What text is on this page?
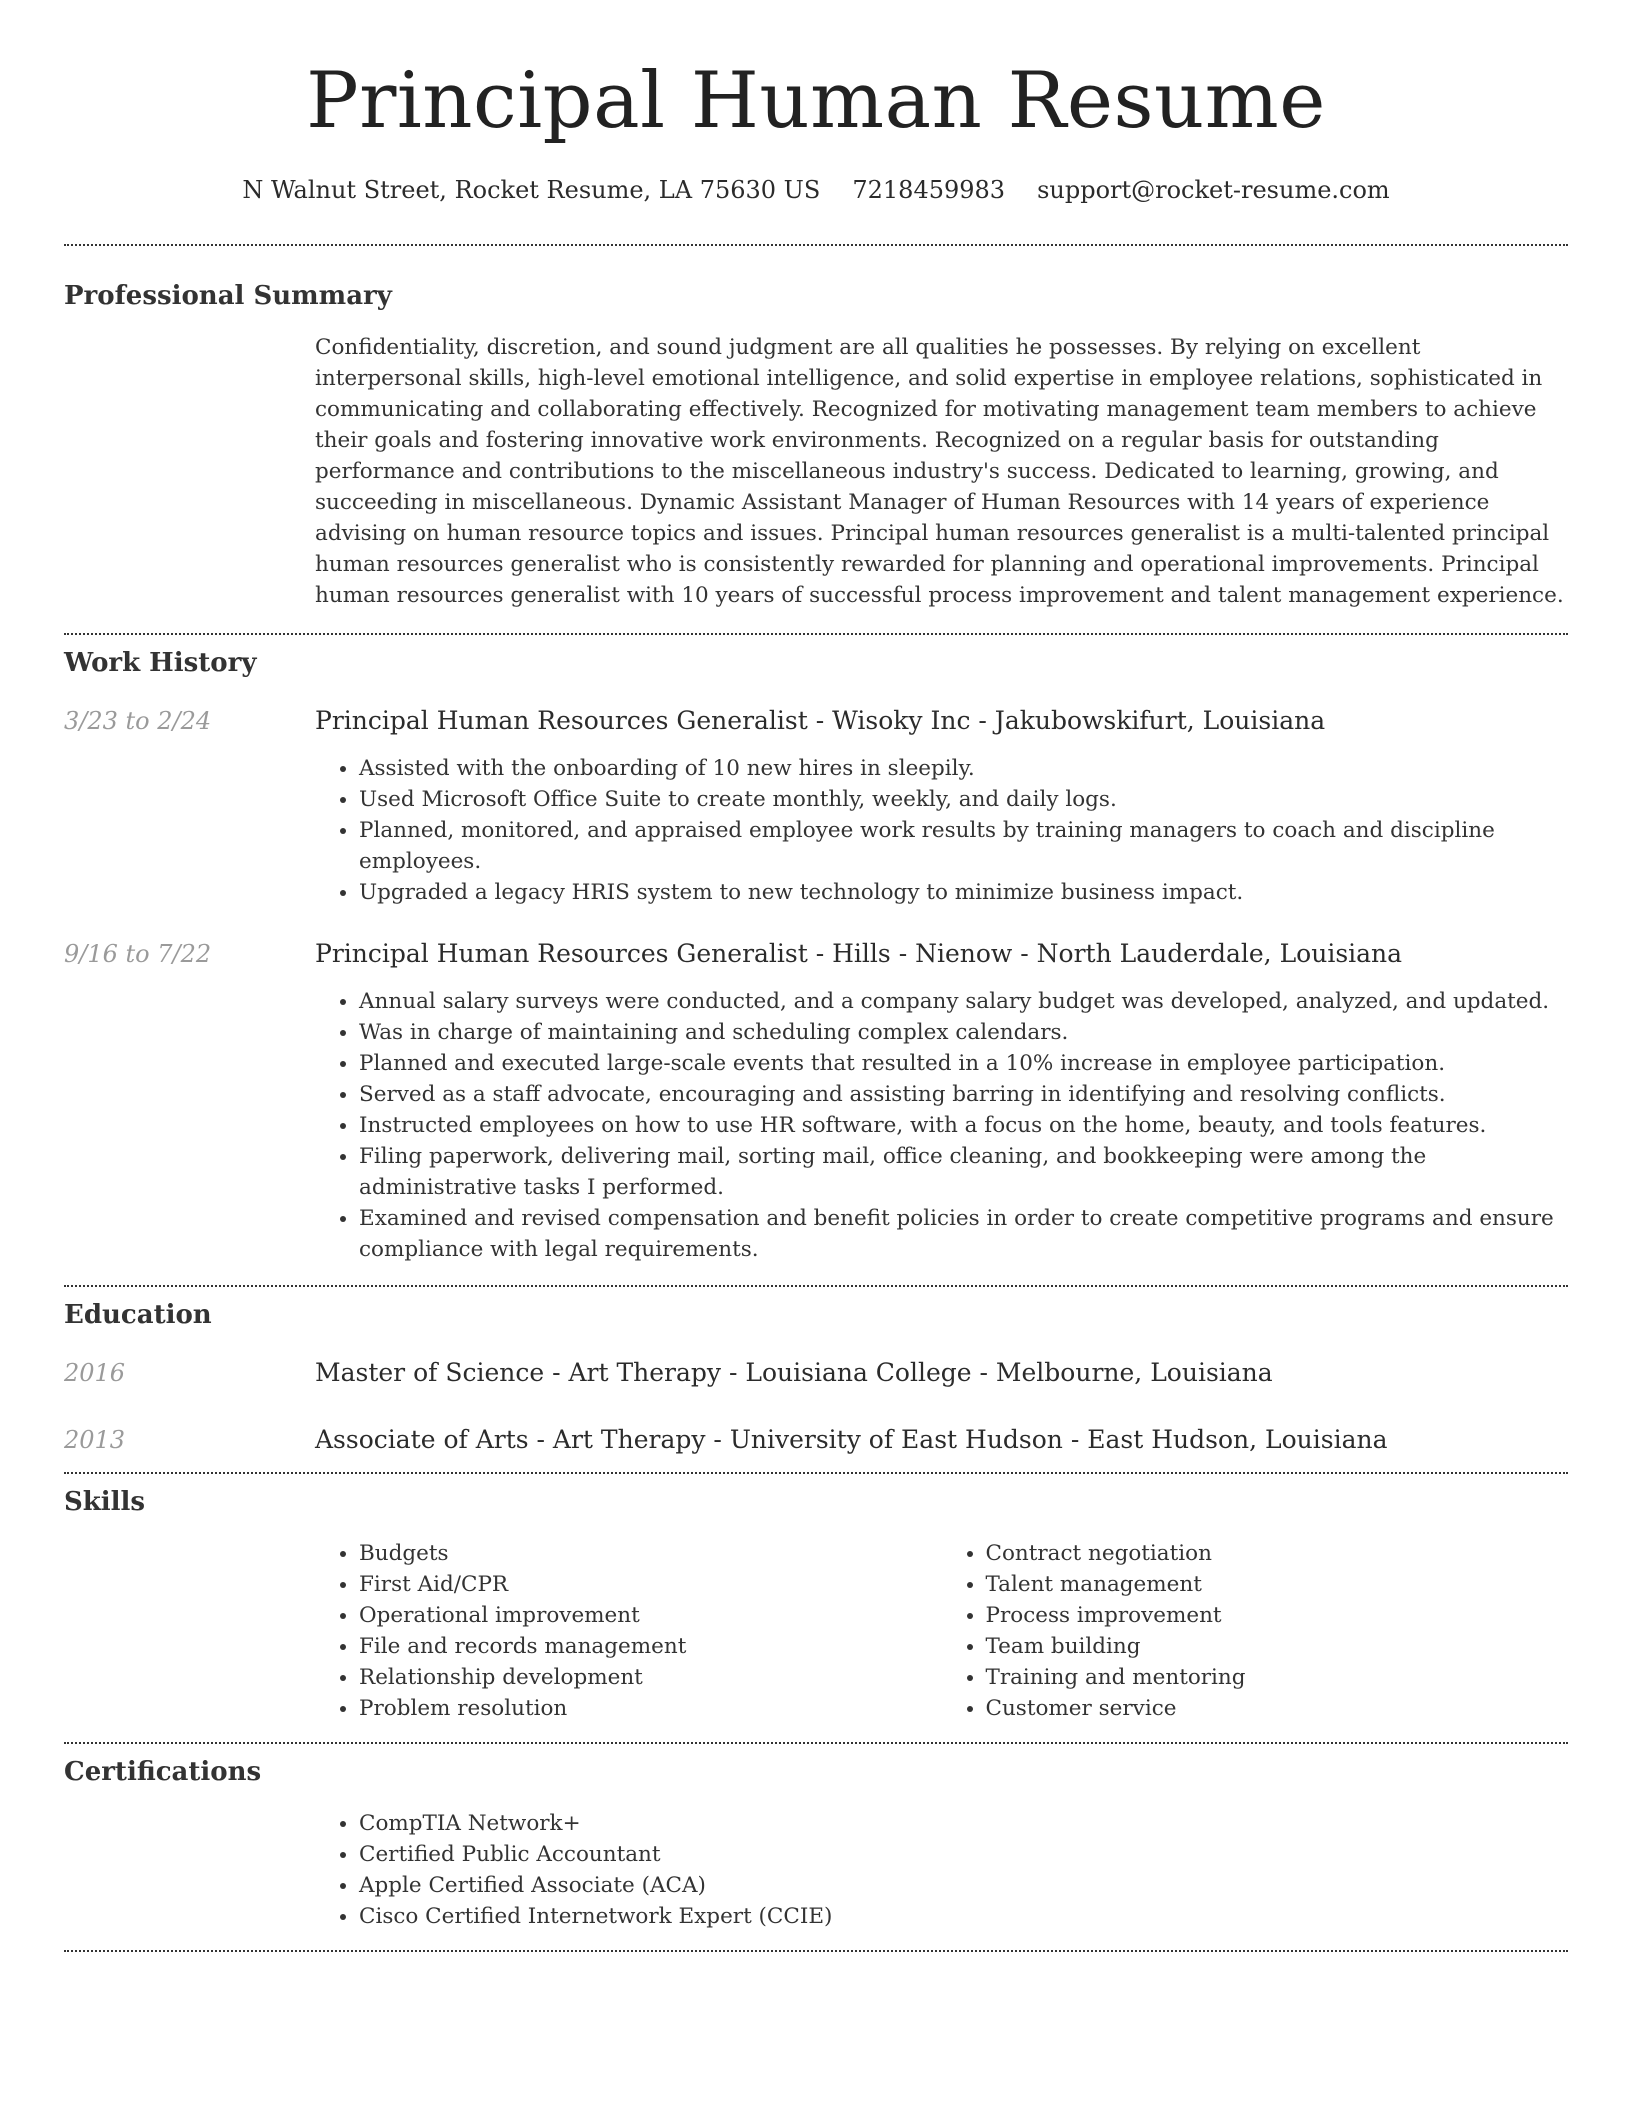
Principal Human Resume
N Walnut Street, Rocket Resume, LA 75630 US 7218459983 support@rocket-resume.com
Professional Summary

Confidentiality, discretion, and sound judgment are all qualities he possesses. By relying on excellent interpersonal skills, high-level emotional intelligence, and solid expertise in employee relations, sophisticated in communicating and collaborating effectively. Recognized for motivating management team members to achieve their goals and fostering innovative work environments. Recognized on a regular basis for outstanding performance and contributions to the miscellaneous industry's success. Dedicated to learning, growing, and succeeding in miscellaneous. Dynamic Assistant Manager of Human Resources with 14 years of experience advising on human resource topics and issues. Principal human resources generalist is a multi-talented principal human resources generalist who is consistently rewarded for planning and operational improvements. Principal human resources generalist with 10 years of successful process improvement and talent management experience.

Work History
3/23 to 2/24	Principal Human Resources Generalist - Wisoky Inc - Jakubowskifurt, Louisiana
• Assisted with the onboarding of 10 new hires in sleepily.
• Used Microsoft Office Suite to create monthly, weekly, and daily logs.
• Planned, monitored, and appraised employee work results by training managers to coach and discipline employees.
• Upgraded a legacy HRIS system to new technology to minimize business impact.
9/16 to 7/22	Principal Human Resources Generalist - Hills - Nienow - North Lauderdale, Louisiana
• Annual salary surveys were conducted, and a company salary budget was developed, analyzed, and updated.
• Was in charge of maintaining and scheduling complex calendars.
• Planned and executed large-scale events that resulted in a 10% increase in employee participation.
• Served as a staff advocate, encouraging and assisting barring in identifying and resolving conflicts.
• Instructed employees on how to use HR software, with a focus on the home, beauty, and tools features.
• Filing paperwork, delivering mail, sorting mail, office cleaning, and bookkeeping were among the administrative tasks I performed.
• Examined and revised compensation and benefit policies in order to create competitive programs and ensure compliance with legal requirements.
Education
2016	Master of Science - Art Therapy - Louisiana College - Melbourne, Louisiana
2013	Associate of Arts - Art Therapy - University of East Hudson - East Hudson, Louisiana
Skills
• Budgets
• First Aid/CPR
• Operational improvement
• File and records management
• Relationship development
• Problem resolution
• Contract negotiation
• Talent management
• Process improvement
• Team building
• Training and mentoring
• Customer service
Certifications
• CompTIA Network+
• Certified Public Accountant
• Apple Certified Associate (ACA)
• Cisco Certified Internetwork Expert (CCIE)
